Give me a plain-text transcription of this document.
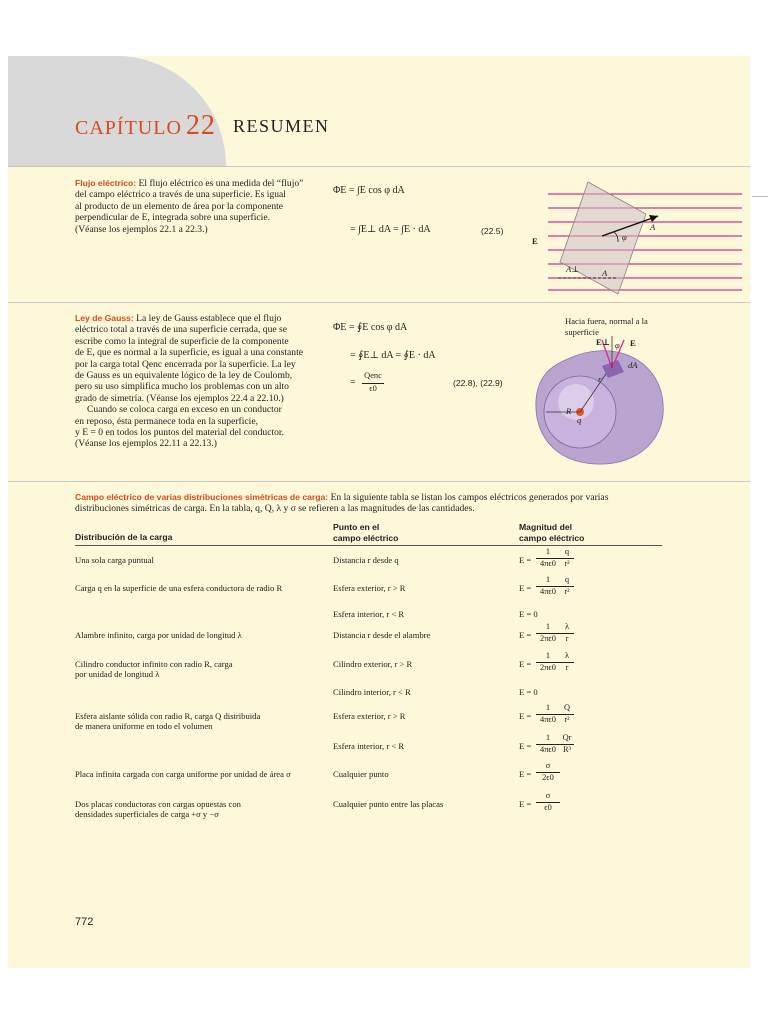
CAPÍTULO 22 RESUMEN
Flujo eléctrico: El flujo eléctrico es una medida del “flujo”
del campo eléctrico a través de una superficie. Es igual
al producto de un elemento de área por la componente
perpendicular de E, integrada sobre una superficie.
(Véanse los ejemplos 22.1 a 22.3.)
ΦE = ∫E cos φ dA
= ∫E⊥ dA = ∫E · dA	(22.5)
E
A
φ
A⊥	A
Ley de Gauss: La ley de Gauss establece que el flujo
eléctrico total a través de una superficie cerrada, que se
escribe como la integral de superficie de la componente
de E, que es normal a la superficie, es igual a una constante
por la carga total Qenc encerrada por la superficie. La ley
de Gauss es un equivalente lógico de la ley de Coulomb,
pero su uso simplifica mucho los problemas con un alto
grado de simetría. (Véanse los ejemplos 22.4 a 22.10.)
Cuando se coloca carga en exceso en un conductor
en reposo, ésta permanece toda en la superficie,
y E = 0 en todos los puntos del material del conductor.
(Véanse los ejemplos 22.11 a 22.13.)
ΦE = ∮E cos φ dA
= ∮E⊥ dA = ∮E · dA
=
Qenc
ϵ0
(22.8), (22.9)
Hacia fuera, normal a la
superficie
E⊥ φ E
dA
r
R
q
Campo eléctrico de varias distribuciones simétricas de carga: En la siguiente tabla se listan los campos eléctricos generados por varias
distribuciones simétricas de carga. En la tabla, q, Q, λ y σ se refieren a las magnitudes de las cantidades.
Distribución de la carga
Punto en el
campo eléctrico
Magnitud del
campo eléctrico
Una sola carga puntual	Distancia r desde q	E =
1
4πϵ0
q
r²
Carga q en la superficie de una esfera conductora de radio R	Esfera exterior, r > R	E =
1
4πϵ0
q
r²
Esfera interior, r < R	E = 0
Alambre infinito, carga por unidad de longitud λ	Distancia r desde el alambre	E =
1
2πϵ0
λ
r
Cilindro conductor infinito con radio R, carga
por unidad de longitud λ
Cilindro exterior, r > R	E =
1
2πϵ0
λ
r
Cilindro interior, r < R	E = 0
Esfera aislante sólida con radio R, carga Q distribuida
de manera uniforme en todo el volumen
Esfera exterior, r > R	E =
1
4πϵ0
Q
r²
Esfera interior, r < R	E =
1
4πϵ0
Qr
R³
Placa infinita cargada con carga uniforme por unidad de área σ	Cualquier punto	E =
σ
2ϵ0
Dos placas conductoras con cargas opuestas con
densidades superficiales de carga +σ y −σ
Cualquier punto entre las placas	E =
σ
ϵ0
772
